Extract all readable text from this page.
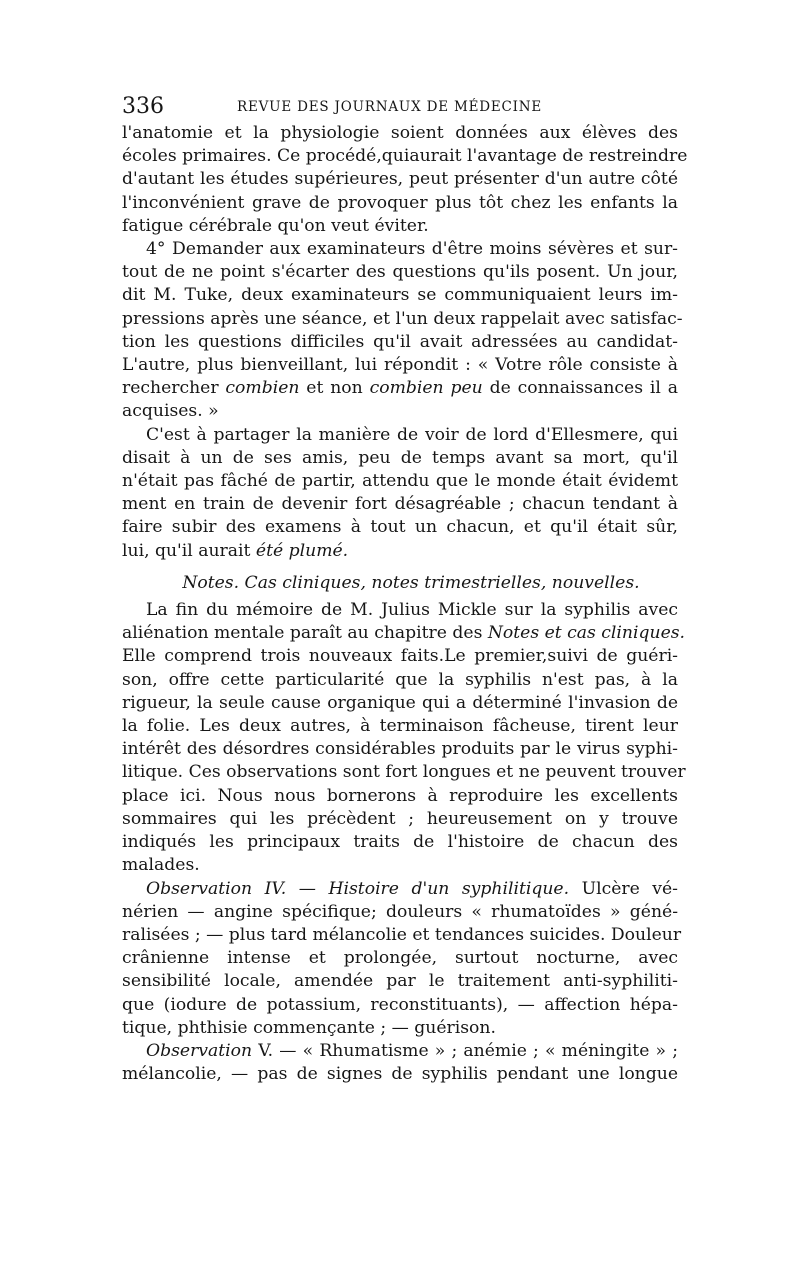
336	REVUE DES JOURNAUX DE MÉDECINE
l'anatomie et la physiologie soient données aux élèves des
écoles primaires. Ce procédé,quiaurait l'avantage de restreindre
d'autant les études supérieures, peut présenter d'un autre côté
l'inconvénient grave de provoquer plus tôt chez les enfants la
fatigue cérébrale qu'on veut éviter.
4° Demander aux examinateurs d'être moins sévères et sur-
tout de ne point s'écarter des questions qu'ils posent. Un jour,
dit M. Tuke, deux examinateurs se communiquaient leurs im-
pressions après une séance, et l'un deux rappelait avec satisfac-
tion les questions difficiles qu'il avait adressées au candidat-
L'autre, plus bienveillant, lui répondit : « Votre rôle consiste à
rechercher combien et non combien peu de connaissances il a
acquises. »
C'est à partager la manière de voir de lord d'Ellesmere, qui
disait à un de ses amis, peu de temps avant sa mort, qu'il
n'était pas fâché de partir, attendu que le monde était évidemt
ment en train de devenir fort désagréable ; chacun tendant à
faire subir des examens à tout un chacun, et qu'il était sûr,
lui, qu'il aurait été plumé.
Notes. Cas cliniques, notes trimestrielles, nouvelles.
La fin du mémoire de M. Julius Mickle sur la syphilis avec
aliénation mentale paraît au chapitre des Notes et cas cliniques.
Elle comprend trois nouveaux faits.Le premier,suivi de guéri-
son, offre cette particularité que la syphilis n'est pas, à la
rigueur, la seule cause organique qui a déterminé l'invasion de
la folie. Les deux autres, à terminaison fâcheuse, tirent leur
intérêt des désordres considérables produits par le virus syphi-
litique. Ces observations sont fort longues et ne peuvent trouver
place ici. Nous nous bornerons à reproduire les excellents
sommaires qui les précèdent ; heureusement on y trouve
indiqués les principaux traits de l'histoire de chacun des
malades.
Observation IV. — Histoire d'un syphilitique. Ulcère vé-
nérien — angine spécifique; douleurs « rhumatoïdes » géné-
ralisées ; — plus tard mélancolie et tendances suicides. Douleur
crânienne intense et prolongée, surtout nocturne, avec
sensibilité locale, amendée par le traitement anti-syphiliti-
que (iodure de potassium, reconstituants), — affection hépa-
tique, phthisie commençante ; — guérison.
Observation V. — « Rhumatisme » ; anémie ; « méningite » ;
mélancolie, — pas de signes de syphilis pendant une longue
